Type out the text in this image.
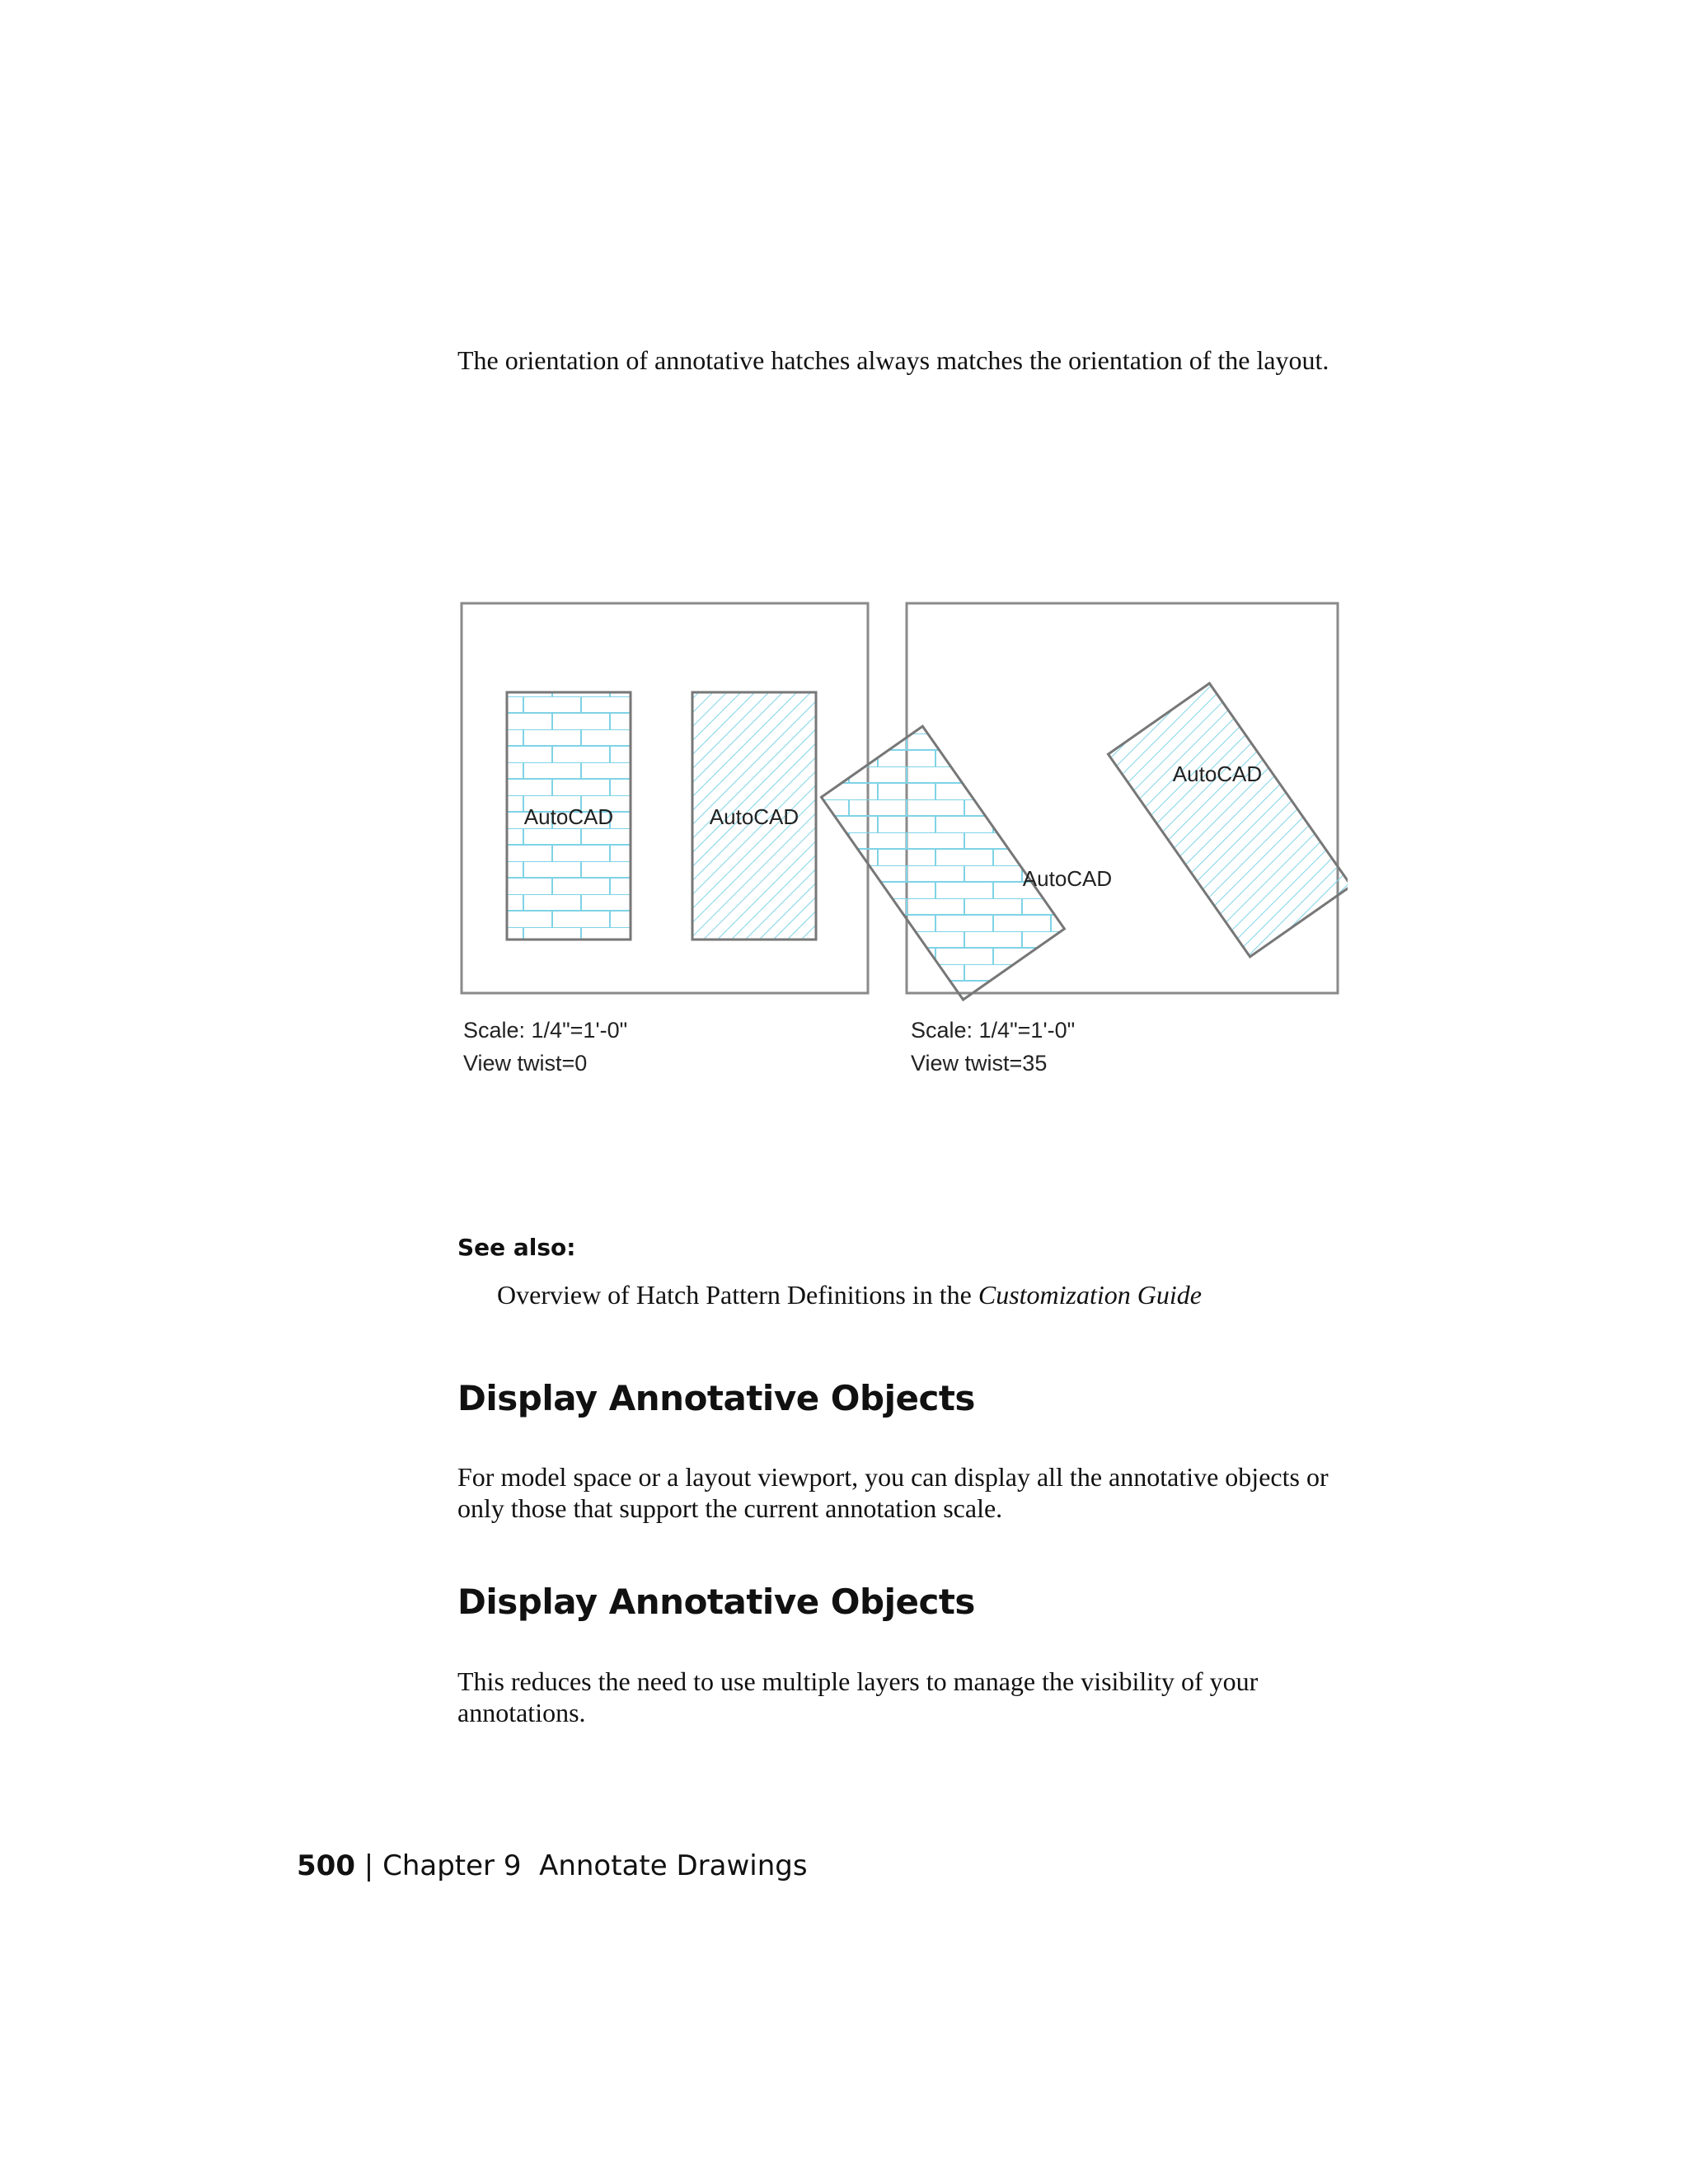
The orientation of annotative hatches always matches the orientation of the layout.
AutoCAD	AutoCAD
AutoCAD
AutoCAD
Scale: 1/4"=1'-0"
View twist=0
Scale: 1/4"=1'-0"
View twist=35
See also:
Overview of Hatch Pattern Definitions in the Customization Guide
Display Annotative Objects
For model space or a layout viewport, you can display all the annotative objects or only those that support the current annotation scale.
Display Annotative Objects
This reduces the need to use multiple layers to manage the visibility of your annotations.
500 | Chapter 9 Annotate Drawings
